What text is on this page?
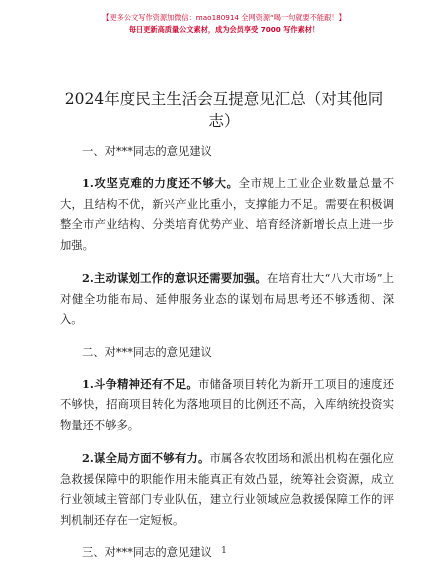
【更多公文写作资源加微信：mao180914 全网资源“喝一句就要不能跟！】
每日更新高质量公文素材，成为会员享受 7000 写作素材！
2024年度民主生活会互提意见汇总（对其他同志）
一、对***同志的意见建议

1.攻坚克难的力度还不够大。全市规上工业企业数量总量不大，且结构不优，新兴产业比重小，支撑能力不足。需要在积极调整全市产业结构、分类培育优势产业、培育经济新增长点上进一步加强。

2.主动谋划工作的意识还需要加强。在培育壮大“八大市场”上对健全功能布局、延伸服务业态的谋划布局思考还不够透彻、深入。

二、对***同志的意见建议

1.斗争精神还有不足。市储备项目转化为新开工项目的速度还不够快，招商项目转化为落地项目的比例还不高，入库纳统投资实物量还不够多。

2.谋全局方面不够有力。市属各农牧团场和派出机构在强化应急救援保障中的职能作用未能真正有效凸显，统筹社会资源，成立行业领域主管部门专业队伍，建立行业领域应急救援保障工作的评判机制还存在一定短板。

三、对***同志的意见建议	1
